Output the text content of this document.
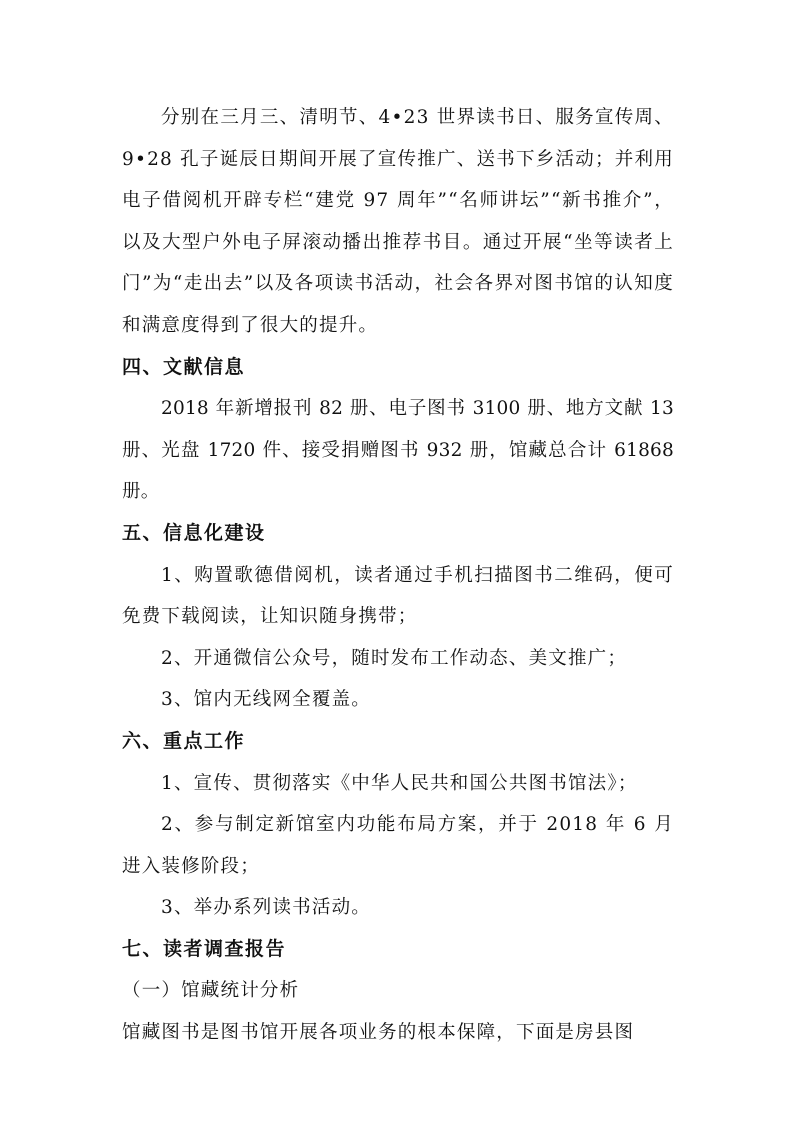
分别在三月三、清明节、4•23 世界读书日、服务宣传周、9•28 孔子诞辰日期间开展了宣传推广、送书下乡活动；并利用电子借阅机开辟专栏“建党 97 周年”“名师讲坛”“新书推介”，以及大型户外电子屏滚动播出推荐书目。通过开展“坐等读者上门”为“走出去”以及各项读书活动，社会各界对图书馆的认知度和满意度得到了很大的提升。

四、文献信息

2018 年新增报刊 82 册、电子图书 3100 册、地方文献 13 册、光盘 1720 件、接受捐赠图书 932 册，馆藏总合计 61868 册。

五、信息化建设

1、购置歌德借阅机，读者通过手机扫描图书二维码，便可免费下载阅读，让知识随身携带；

2、开通微信公众号，随时发布工作动态、美文推广；

3、馆内无线网全覆盖。

六、重点工作

1、宣传、贯彻落实《中华人民共和国公共图书馆法》；

2、参与制定新馆室内功能布局方案，并于 2018 年 6 月进入装修阶段；

3、举办系列读书活动。

七、读者调查报告

（一）馆藏统计分析

馆藏图书是图书馆开展各项业务的根本保障，下面是房县图
